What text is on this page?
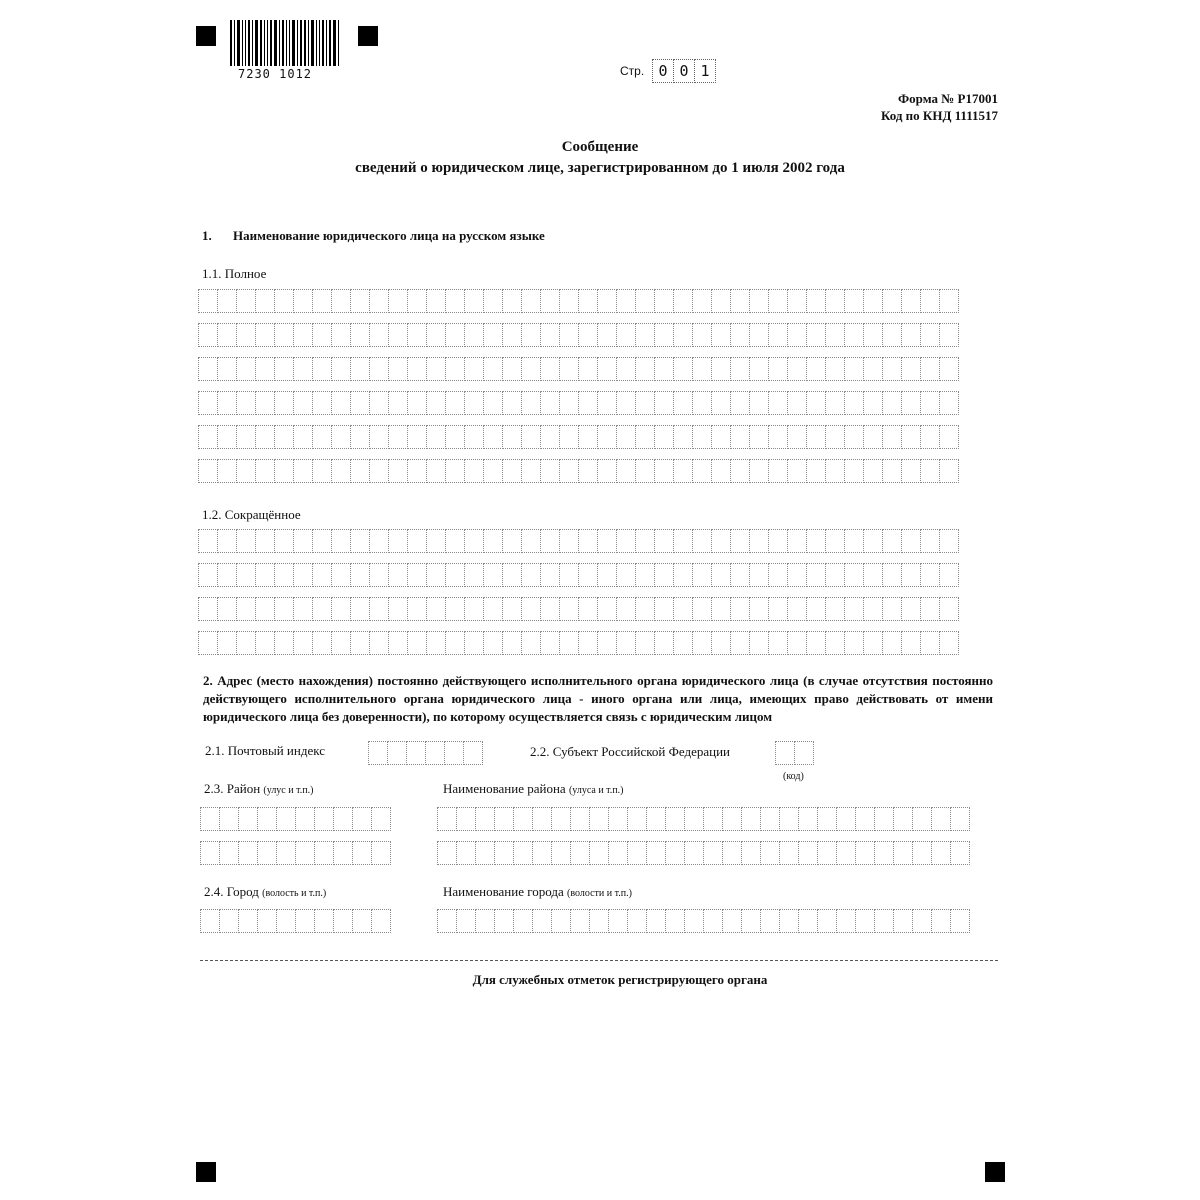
7230 1012	Стр. 0 0 1
Форма № Р17001
Код по КНД 1111517
Сообщение
сведений о юридическом лице, зарегистрированном до 1 июля 2002 года
1. Наименование юридического лица на русском языке
1.1. Полное
1.2. Сокращённое
2. Адрес (место нахождения) постоянно действующего исполнительного органа юридического лица (в случае отсутствия постоянно действующего исполнительного органа юридического лица - иного органа или лица, имеющих право действовать от имени юридического лица без доверенности), по которому осуществляется связь с юридическим лицом
2.1. Почтовый индекс	2.2. Субъект Российской Федерации
(код)
2.3. Район (улус и т.п.)	Наименование района (улуса и т.п.)
2.4. Город (волость и т.п.)	Наименование города (волости и т.п.)
Для служебных отметок регистрирующего органа
